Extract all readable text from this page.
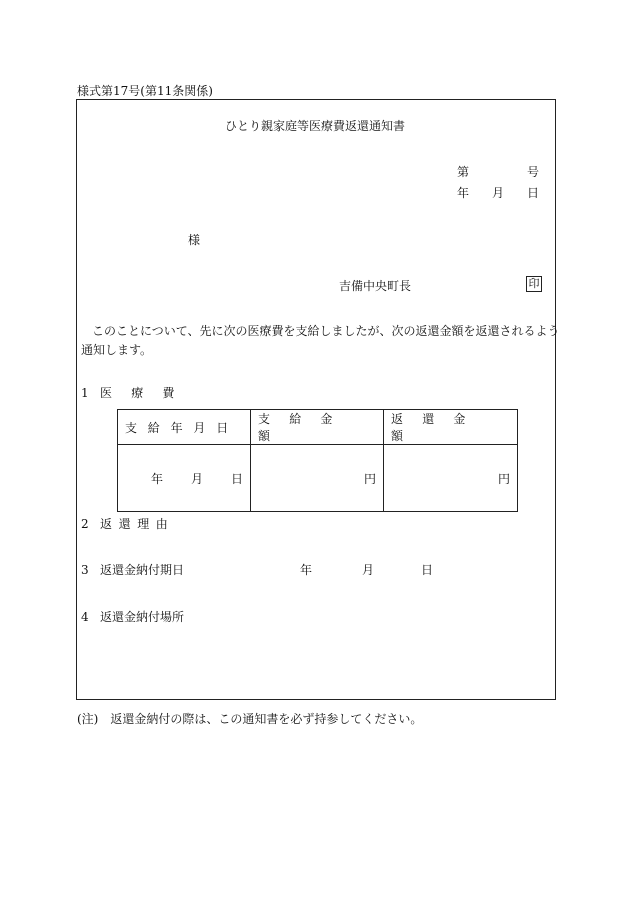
様式第17号(第11条関係)
ひとり親家庭等医療費返還通知書
第	号
年 月 日
様
吉備中央町長	印
このことについて、先に次の医療費を支給しましたが、次の返還金額を返還されるよう
通知します。
1 医療費
支給年月日	支給金額	返還金額

年 月 日	円	円
2 返還理由
3 返還金納付期日	年	月	日
4 返還金納付場所
(注)　返還金納付の際は、この通知書を必ず持参してください。
